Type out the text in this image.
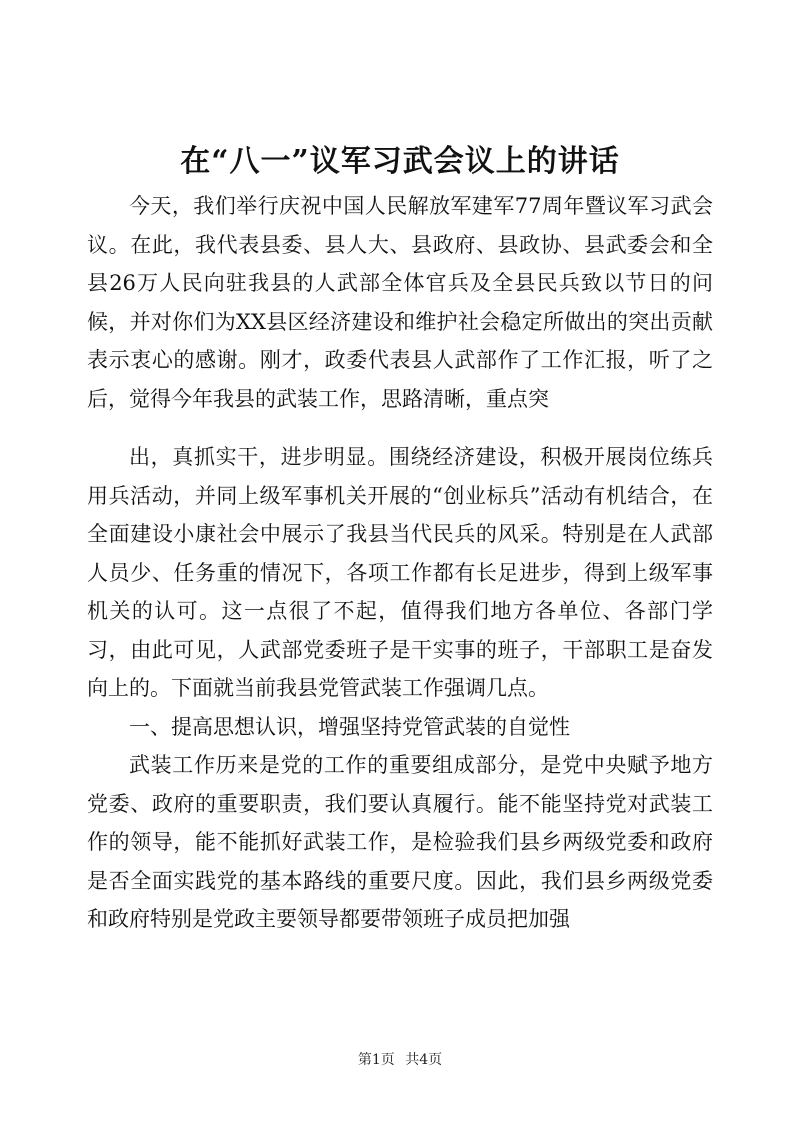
在“八一”议军习武会议上的讲话

今天，我们举行庆祝中国人民解放军建军77周年暨议军习武会议。在此，我代表县委、县人大、县政府、县政协、县武委会和全县26万人民向驻我县的人武部全体官兵及全县民兵致以节日的问候，并对你们为XX县区经济建设和维护社会稳定所做出的突出贡献表示衷心的感谢。刚才，政委代表县人武部作了工作汇报，听了之后，觉得今年我县的武装工作，思路清晰，重点突

出，真抓实干，进步明显。围绕经济建设，积极开展岗位练兵用兵活动，并同上级军事机关开展的“创业标兵”活动有机结合，在全面建设小康社会中展示了我县当代民兵的风采。特别是在人武部人员少、任务重的情况下，各项工作都有长足进步，得到上级军事机关的认可。这一点很了不起，值得我们地方各单位、各部门学习，由此可见，人武部党委班子是干实事的班子，干部职工是奋发向上的。下面就当前我县党管武装工作强调几点。

一、提高思想认识，增强坚持党管武装的自觉性

武装工作历来是党的工作的重要组成部分，是党中央赋予地方党委、政府的重要职责，我们要认真履行。能不能坚持党对武装工作的领导，能不能抓好武装工作，是检验我们县乡两级党委和政府是否全面实践党的基本路线的重要尺度。因此，我们县乡两级党委和政府特别是党政主要领导都要带领班子成员把加强

第1页 共4页
